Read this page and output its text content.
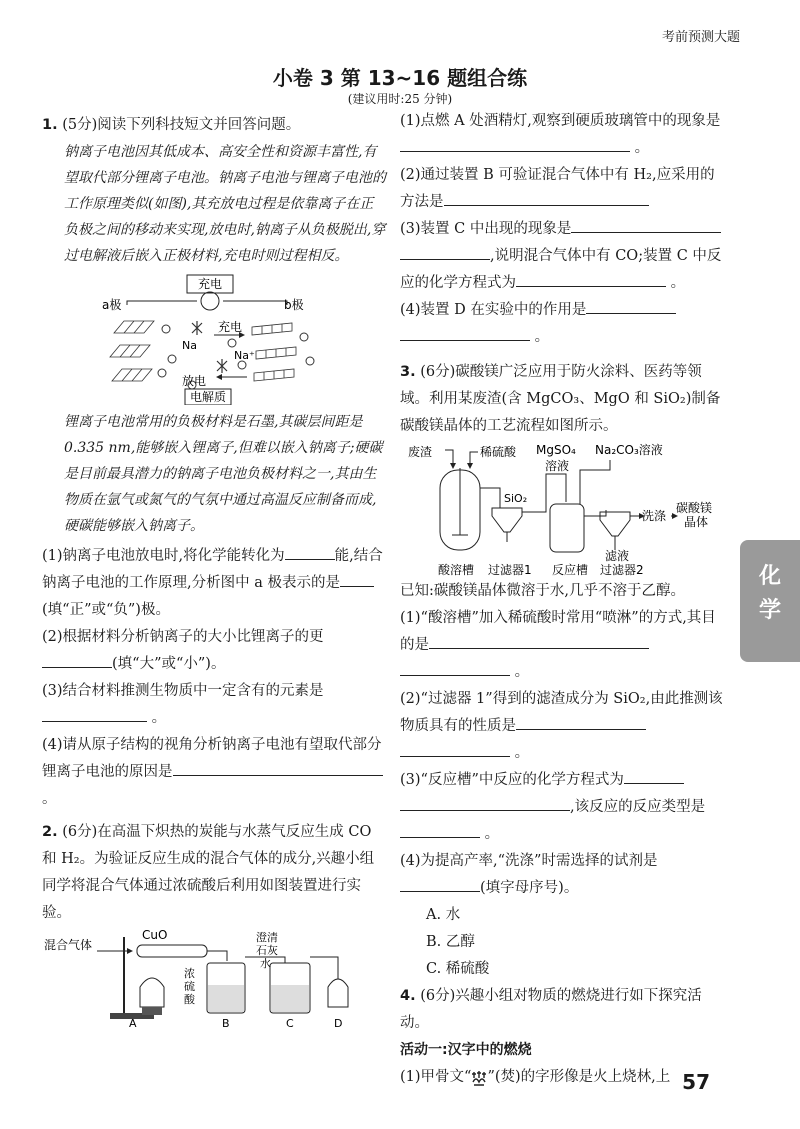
考前预测大题
小卷 3 第 13~16 题组合练
(建议用时:25 分钟)

1. (5分)阅读下列科技短文并回答问题。

钠离子电池因其低成本、高安全性和资源丰富性,有望取代部分锂离子电池。钠离子电池与锂离子电池的工作原理类似(如图),其充放电过程是依靠离子在正负极之间的移动来实现,放电时,钠离子从负极脱出,穿过电解液后嵌入正极材料,充电时则过程相反。

充电
a极	b极
充电
Na
Na⁺
放电
电解质

锂离子电池常用的负极材料是石墨,其碳层间距是 0.335 nm,能够嵌入锂离子,但难以嵌入钠离子;硬碳是目前最具潜力的钠离子电池负极材料之一,其由生物质在氩气或氮气的气氛中通过高温反应制备而成,硬碳能够嵌入钠离子。

(1)钠离子电池放电时,将化学能转化为	能,结合钠离子电池的工作原理,分析图中 a 极表示的是(填“正”或“负”)极。

(2)根据材料分析钠离子的大小比锂离子的更(填“大”或“小”)。

(3)结合材料推测生物质中一定含有的元素是 。

(4)请从原子结构的视角分析钠离子电池有望取代部分锂离子电池的原因是 。

2. (6分)在高温下炽热的炭能与水蒸气反应生成 CO 和 H₂。为验证反应生成的混合气体的成分,兴趣小组同学将混合气体通过浓硫酸后利用如图装置进行实验。

混合气体
CuO
浓硫酸
澄清石灰水
A	B	C	D

(1)点燃 A 处酒精灯,观察到硬质玻璃管中的现象是 。

(2)通过装置 B 可验证混合气体中有 H₂,应采用的方法是

(3)装置 C 中出现的现象是,说明混合气体中有 CO;装置 C 中反应的化学方程式为	。

(4)装置 D 在实验中的作用是 。

3. (6分)碳酸镁广泛应用于防火涂料、医药等领域。利用某废渣(含 MgCO₃、MgO 和 SiO₂)制备碳酸镁晶体的工艺流程如图所示。

废渣	稀硫酸 MgSO₄
溶液
Na₂CO₃溶液
SiO₂
洗涤
碳酸镁晶体
滤液
酸溶槽 过滤器1 反应槽 过滤器2

已知:碳酸镁晶体微溶于水,几乎不溶于乙醇。

(1)“酸溶槽”加入稀硫酸时常用“喷淋”的方式,其目的是 。

(2)“过滤器 1”得到的滤渣成分为 SiO₂,由此推测该物质具有的性质是 。

(3)“反应槽”中反应的化学方程式为,该反应的反应类型是 。

(4)为提高产率,“洗涤”时需选择的试剂是(填字母序号)。

A. 水

B. 乙醇

C. 稀硫酸

4. (6分)兴趣小组对物质的燃烧进行如下探究活动。

活动一:汉字中的燃烧

(1)甲骨文“ ”(焚)的字形像是火上烧林,上

化
学
57
